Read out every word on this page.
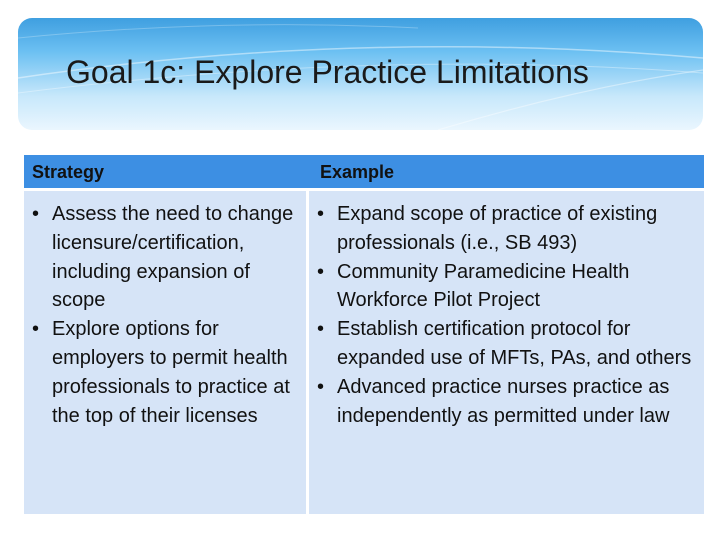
Goal 1c: Explore Practice Limitations
Strategy	Example
• Assess the need to change licensure/certification, including expansion of scope
• Explore options for employers to permit health professionals to practice at the top of their licenses
• Expand scope of practice of existing professionals (i.e., SB 493)
• Community Paramedicine Health Workforce Pilot Project
• Establish certification protocol for expanded use of MFTs, PAs, and others
• Advanced practice nurses practice as independently as permitted under law
